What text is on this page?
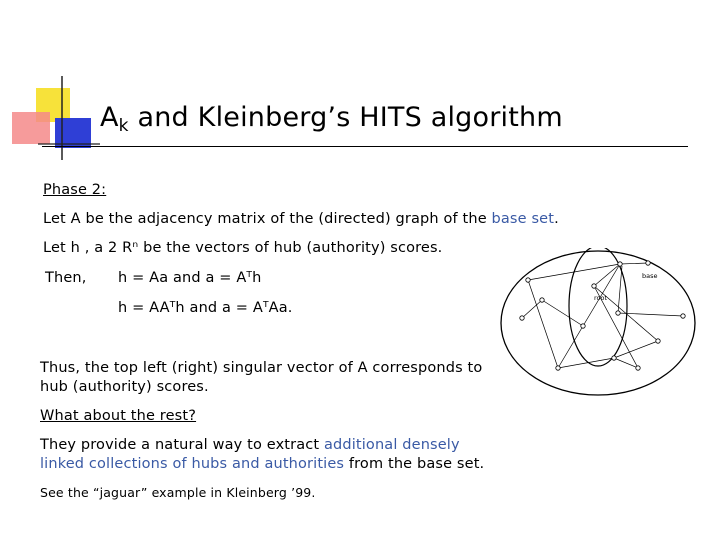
$A_k$ and Kleinberg’s HITS algorithm
Phase 2:
Let A be the adjacency matrix of the (directed) graph of the base set.
Let h , a 2 Rⁿ be the vectors of hub (authority) scores.
Then, h = Aa and a = Aᵀh
h = AAᵀh and a = AᵀAa.
Thus, the top left (right) singular vector of A corresponds to
hub (authority) scores.
What about the rest?
They provide a natural way to extract additional densely
linked collections of hubs and authorities from the base set.
See the “jaguar” example in Kleinberg ’99.
base
root
